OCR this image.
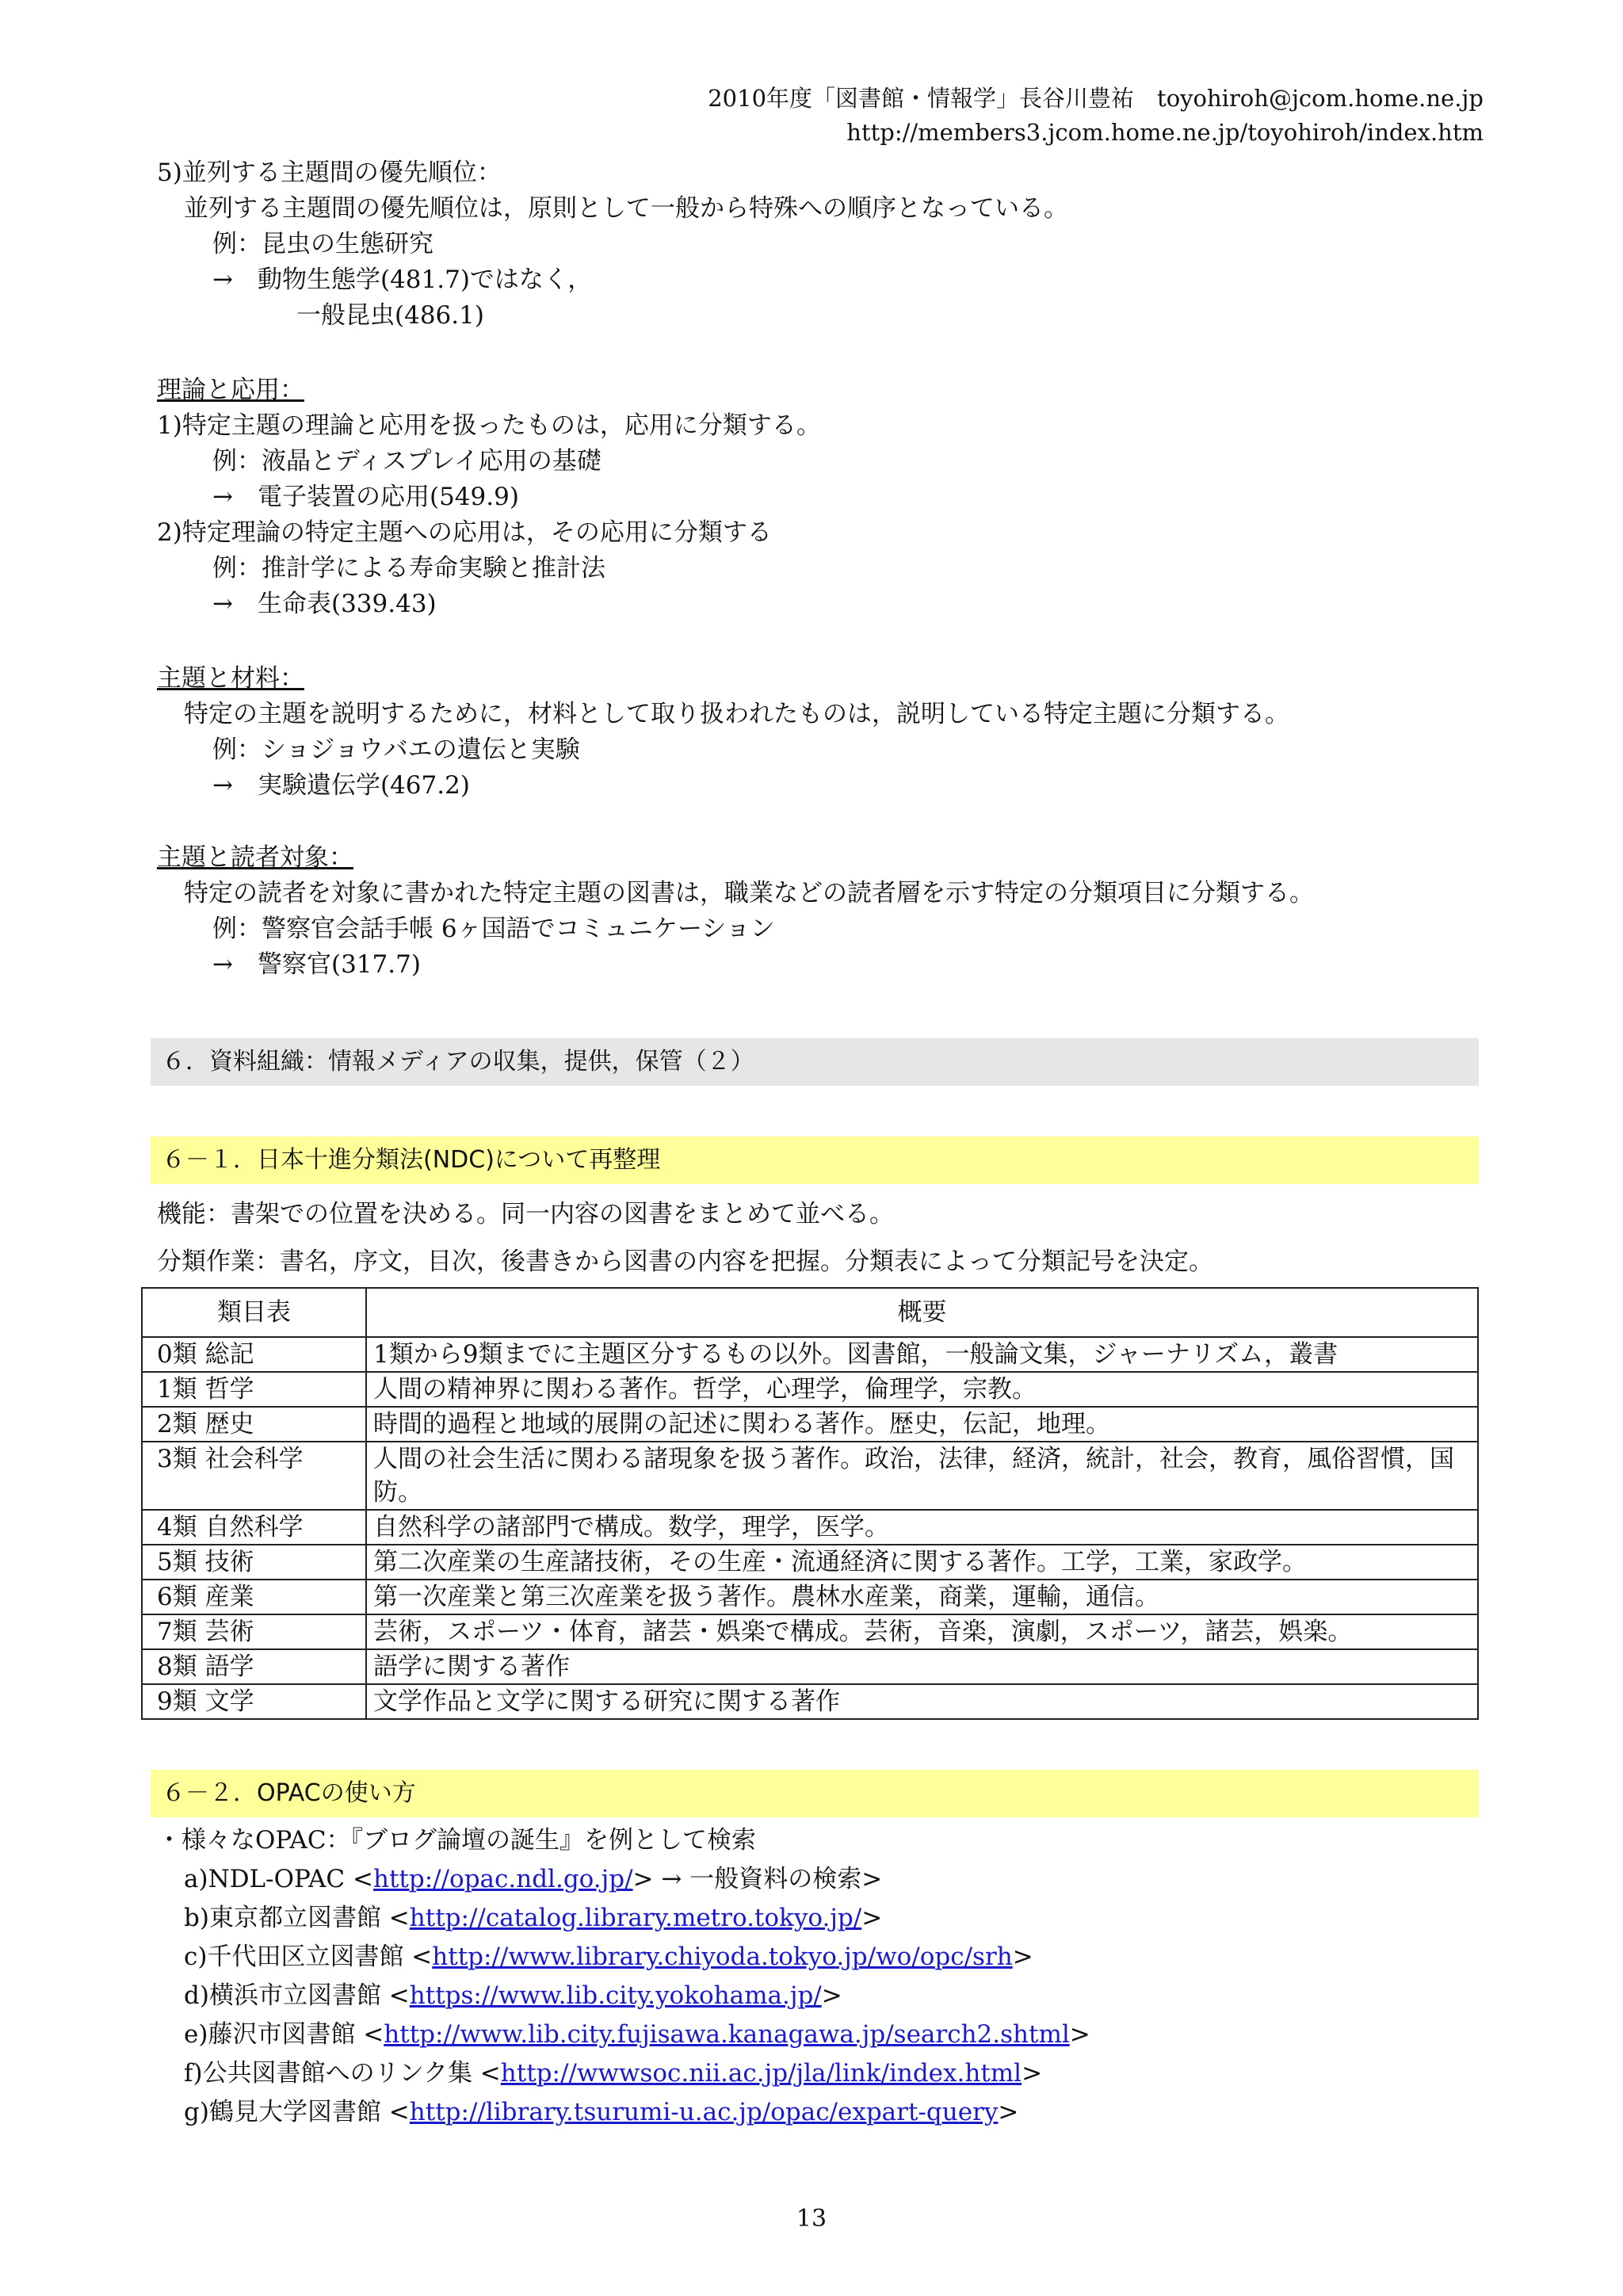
2010年度「図書館・情報学」長谷川豊祐　toyohiroh@jcom.home.ne.jp
http://members3.jcom.home.ne.jp/toyohiroh/index.htm
5)並列する主題間の優先順位：
並列する主題間の優先順位は，原則として一般から特殊への順序となっている。
例：昆虫の生態研究
→　動物生態学(481.7)ではなく，
一般昆虫(486.1)
理論と応用：
1)特定主題の理論と応用を扱ったものは，応用に分類する。
例：液晶とディスプレイ応用の基礎
→　電子装置の応用(549.9)
2)特定理論の特定主題への応用は，その応用に分類する
例：推計学による寿命実験と推計法
→　生命表(339.43)
主題と材料：
特定の主題を説明するために，材料として取り扱われたものは，説明している特定主題に分類する。
例：ショジョウバエの遺伝と実験
→　実験遺伝学(467.2)
主題と読者対象：
特定の読者を対象に書かれた特定主題の図書は，職業などの読者層を示す特定の分類項目に分類する。
例：警察官会話手帳 6ヶ国語でコミュニケーション
→　警察官(317.7)
６．資料組織：情報メディアの収集，提供，保管（２）
６－１．日本十進分類法(NDC)について再整理
機能：書架での位置を決める。同一内容の図書をまとめて並べる。
分類作業：書名，序文，目次，後書きから図書の内容を把握。分類表によって分類記号を決定。
類目表	概要
0類 総記	1類から9類までに主題区分するもの以外。図書館，一般論文集，ジャーナリズム，叢書
1類 哲学	人間の精神界に関わる著作。哲学，心理学，倫理学，宗教。
2類 歴史	時間的過程と地域的展開の記述に関わる著作。歴史，伝記，地理。
3類 社会科学	人間の社会生活に関わる諸現象を扱う著作。政治，法律，経済，統計，社会，教育，風俗習慣，国防。
4類 自然科学	自然科学の諸部門で構成。数学，理学，医学。
5類 技術	第二次産業の生産諸技術，その生産・流通経済に関する著作。工学，工業，家政学。
6類 産業	第一次産業と第三次産業を扱う著作。農林水産業，商業，運輸，通信。
7類 芸術	芸術，スポーツ・体育，諸芸・娯楽で構成。芸術，音楽，演劇，スポーツ，諸芸，娯楽。
8類 語学	語学に関する著作
9類 文学	文学作品と文学に関する研究に関する著作
６－２．OPACの使い方
・様々なOPAC：『ブログ論壇の誕生』を例として検索
a)NDL-OPAC <http://opac.ndl.go.jp/> → 一般資料の検索>
b)東京都立図書館 <http://catalog.library.metro.tokyo.jp/>
c)千代田区立図書館 <http://www.library.chiyoda.tokyo.jp/wo/opc/srh>
d)横浜市立図書館 <https://www.lib.city.yokohama.jp/>
e)藤沢市図書館 <http://www.lib.city.fujisawa.kanagawa.jp/search2.shtml>
f)公共図書館へのリンク集 <http://wwwsoc.nii.ac.jp/jla/link/index.html>
g)鶴見大学図書館 <http://library.tsurumi-u.ac.jp/opac/expart-query>
13
